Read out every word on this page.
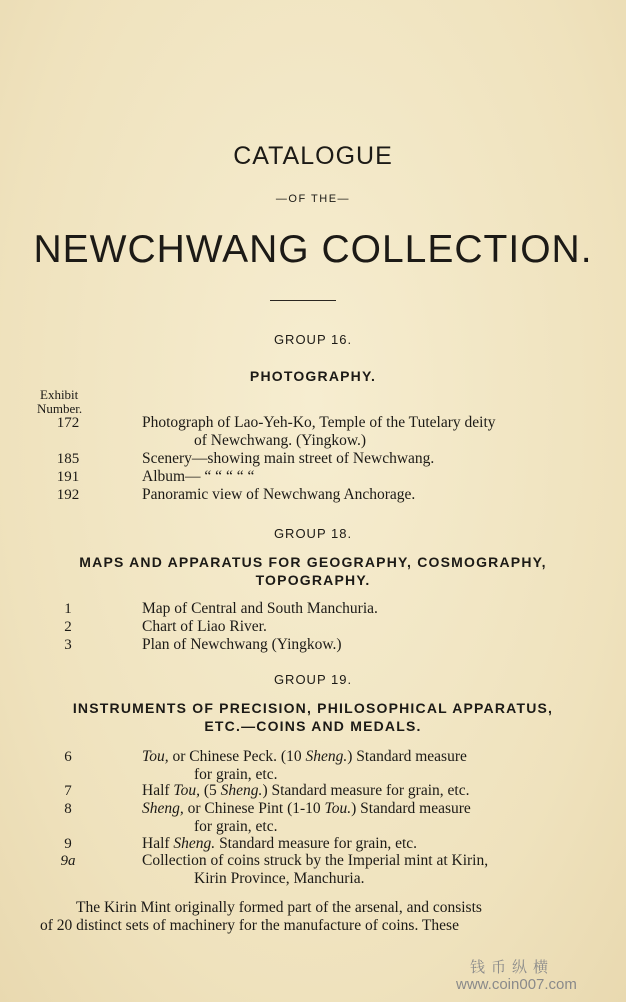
CATALOGUE
—OF THE—
NEWCHWANG COLLECTION.
GROUP 16.
PHOTOGRAPHY.
Exhibit
Number.
172	Photograph of Lao-Yeh-Ko, Temple of the Tutelary deity
of Newchwang. (Yingkow.)
185	Scenery—showing main street of Newchwang.
191	Album— “ “ “ “ “
192	Panoramic view of Newchwang Anchorage.
GROUP 18.
MAPS AND APPARATUS FOR GEOGRAPHY, COSMOGRAPHY,
TOPOGRAPHY.
1	Map of Central and South Manchuria.
2	Chart of Liao River.
3	Plan of Newchwang (Yingkow.)
GROUP 19.
INSTRUMENTS OF PRECISION, PHILOSOPHICAL APPARATUS,
ETC.—COINS AND MEDALS.
6	Tou, or Chinese Peck. (10 Sheng.) Standard measure
for grain, etc.
7	Half Tou, (5 Sheng.) Standard measure for grain, etc.
8	Sheng, or Chinese Pint (1-10 Tou.) Standard measure
for grain, etc.
9	Half Sheng. Standard measure for grain, etc.
9a	Collection of coins struck by the Imperial mint at Kirin,
Kirin Province, Manchuria.
The Kirin Mint originally formed part of the arsenal, and consists
of 20 distinct sets of machinery for the manufacture of coins. These
钱币纵横
www.coin007.com
